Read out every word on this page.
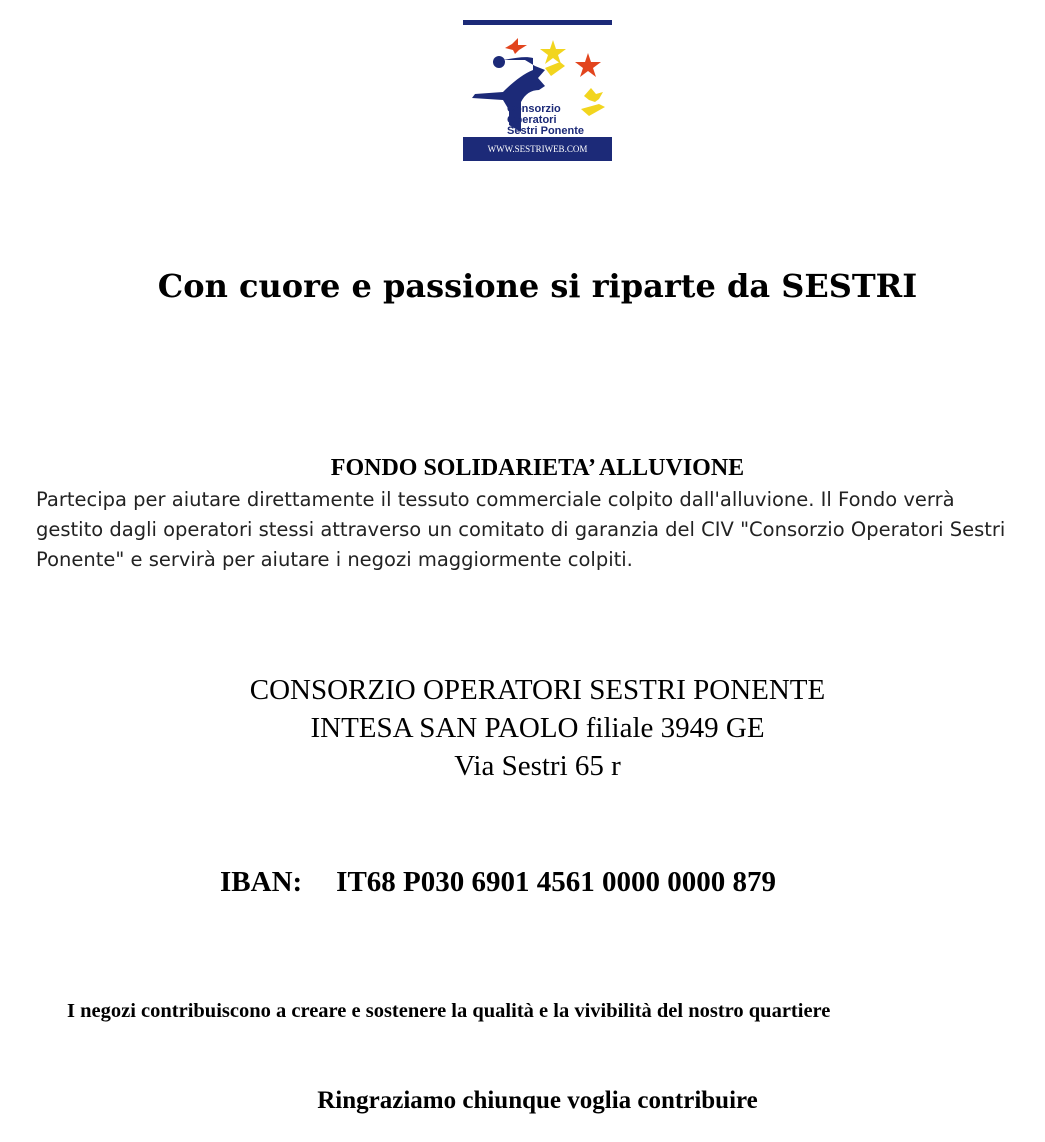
Consorzio
Operatori
Sestri Ponente
WWW.SESTRIWEB.COM
Con cuore e passione si riparte da SESTRI
FONDO SOLIDARIETA’ ALLUVIONE

Partecipa per aiutare direttamente il tessuto commerciale colpito dall'alluvione. Il Fondo verrà gestito dagli operatori stessi attraverso un comitato di garanzia del CIV "Consorzio Operatori Sestri Ponente" e servirà per aiutare i negozi maggiormente colpiti.

CONSORZIO OPERATORI SESTRI PONENTE
INTESA SAN PAOLO filiale 3949 GE
Via Sestri 65 r
IBAN: IT68 P030 6901 4561 0000 0000 879
I negozi contribuiscono a creare e sostenere la qualità e la vivibilità del nostro quartiere
Ringraziamo chiunque voglia contribuire
